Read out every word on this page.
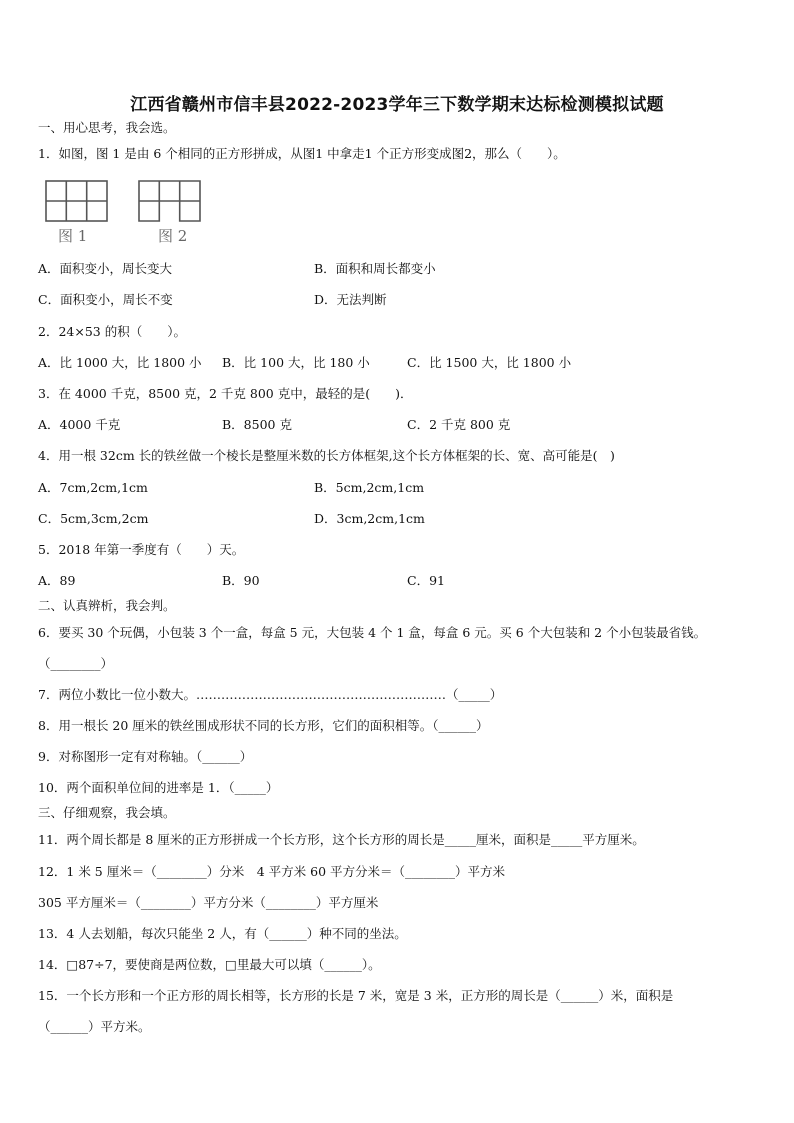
江西省赣州市信丰县2022-2023学年三下数学期末达标检测模拟试题
一、用心思考，我会选。
1．如图，图 1 是由 6 个相同的正方形拼成，从图1 中拿走1 个正方形变成图2，那么（　　）。
图 1	图 2
A．面积变小，周长变大	B．面积和周长都变小
C．面积变小，周长不变	D．无法判断
2．24×53 的积（　　）。
A．比 1000 大，比 1800 小 B．比 100 大，比 180 小	C．比 1500 大，比 1800 小
3．在 4000 千克，8500 克，2 千克 800 克中，最轻的是(　　)．
A．4000 千克	B．8500 克	C．2 千克 800 克
4．用一根 32cm 长的铁丝做一个棱长是整厘米数的长方体框架,这个长方体框架的长、宽、高可能是(　)
A．7cm,2cm,1cm	B．5cm,2cm,1cm
C．5cm,3cm,2cm	D．3cm,2cm,1cm
5．2018 年第一季度有（　　）天。
A．89	B．90	C．91
二、认真辨析，我会判。
6．要买 30 个玩偶，小包装 3 个一盒，每盒 5 元，大包装 4 个 1 盒，每盒 6 元。买 6 个大包装和 2 个小包装最省钱。
（________）
7．两位小数比一位小数大。……………………………………………………（_____）
8．用一根长 20 厘米的铁丝围成形状不同的长方形，它们的面积相等。（______）
9．对称图形一定有对称轴。（______）
10．两个面积单位间的进率是 1．（_____）
三、仔细观察，我会填。
11．两个周长都是 8 厘米的正方形拼成一个长方形，这个长方形的周长是_____厘米，面积是_____平方厘米。
12．1 米 5 厘米＝（________）分米　4 平方米 60 平方分米＝（________）平方米
305 平方厘米＝（________）平方分米（________）平方厘米
13．4 人去划船，每次只能坐 2 人，有（______）种不同的坐法。
14．□87÷7，要使商是两位数，□里最大可以填（______）。
15．一个长方形和一个正方形的周长相等，长方形的长是 7 米，宽是 3 米，正方形的周长是（______）米，面积是
（______）平方米。
